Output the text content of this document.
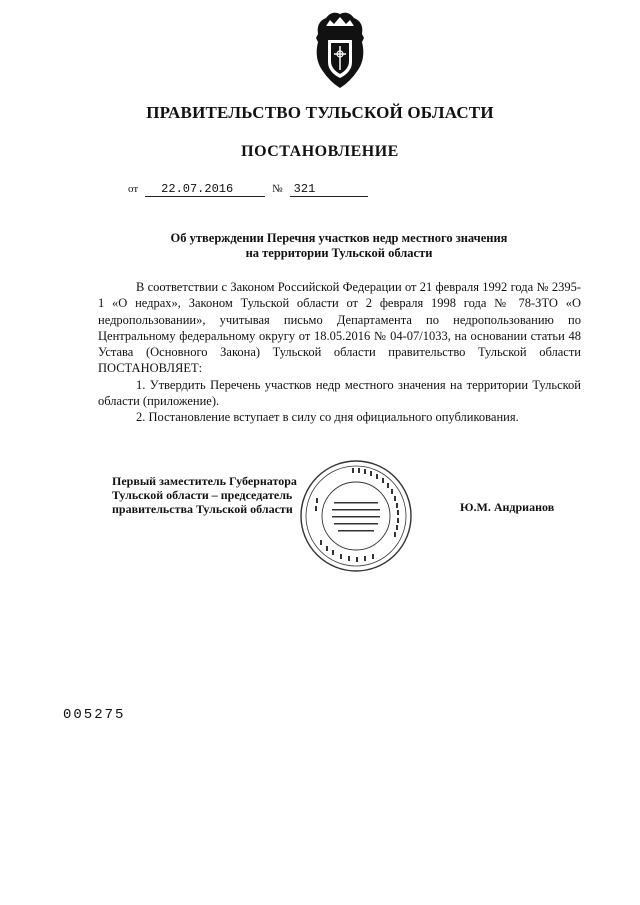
ПРАВИТЕЛЬСТВО ТУЛЬСКОЙ ОБЛАСТИ
ПОСТАНОВЛЕНИЕ
от 22.07.2016	№ 321
Об утверждении Перечня участков недр местного значения
на территории Тульской области

В соответствии с Законом Российской Федерации от 21 февраля 1992 года № 2395-1 «О недрах», Законом Тульской области от 2 февраля 1998 года № 78-ЗТО «О недропользовании», учитывая письмо Департамента по недропользованию по Центральному федеральному округу от 18.05.2016 № 04-07/1033, на основании статьи 48 Устава (Основного Закона) Тульской области правительство Тульской области ПОСТАНОВЛЯЕТ:

1. Утвердить Перечень участков недр местного значения на территории Тульской области (приложение).

2. Постановление вступает в силу со дня официального опубликования.

Первый заместитель Губернатора
Тульской области – председатель
правительства Тульской области	Ю.М. Андрианов
005275
